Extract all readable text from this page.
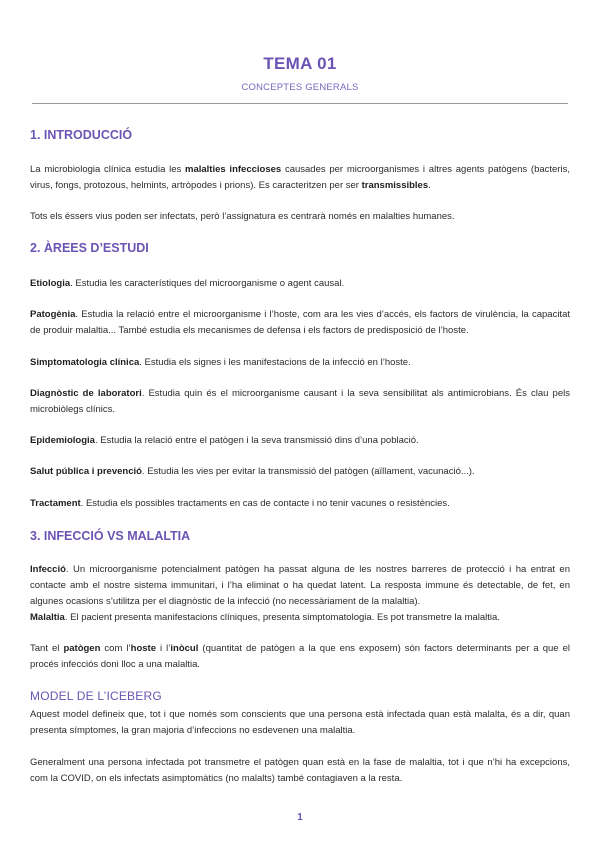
TEMA 01
CONCEPTES GENERALS
1. INTRODUCCIÓ
La microbiologia clínica estudia les malalties infeccioses causades per microorganismes i altres agents patògens (bacteris, virus, fongs, protozous, helmints, artròpodes i prions). Es caracteritzen per ser transmissibles.
Tots els éssers vius poden ser infectats, però l’assignatura es centrarà només en malalties humanes.
2. ÀREES D’ESTUDI
Etiologia. Estudia les característiques del microorganisme o agent causal.
Patogènia. Estudia la relació entre el microorganisme i l’hoste, com ara les vies d’accés, els factors de virulència, la capacitat de produir malaltia... També estudia els mecanismes de defensa i els factors de predisposició de l’hoste.
Simptomatologia clínica. Estudia els signes i les manifestacions de la infecció en l’hoste.
Diagnòstic de laboratori. Estudia quin és el microorganisme causant i la seva sensibilitat als antimicrobians. És clau pels microbiòlegs clínics.
Epidemiologia. Estudia la relació entre el patògen i la seva transmissió dins d’una població.
Salut pública i prevenció. Estudia les vies per evitar la transmissió del patògen (aïllament, vacunació...).
Tractament. Estudia els possibles tractaments en cas de contacte i no tenir vacunes o resistències.
3. INFECCIÓ VS MALALTIA
Infecció. Un microorganisme potencialment patògen ha passat alguna de les nostres barreres de protecció i ha entrat en contacte amb el nostre sistema immunitari, i l’ha eliminat o ha quedat latent. La resposta immune és detectable, de fet, en algunes ocasions s’utilitza per el diagnòstic de la infecció (no necessàriament de la malaltia).
Malaltia. El pacient presenta manifestacions clíniques, presenta simptomatologia. Es pot transmetre la malaltia.
Tant el patògen com l’hoste i l’inòcul (quantitat de patògen a la que ens exposem) són factors determinants per a que el procés infecciós doni lloc a una malaltia.
MODEL DE L’ICEBERG
Aquest model defineix que, tot i que només som conscients que una persona està infectada quan està malalta, és a dir, quan presenta símptomes, la gran majoria d’infeccions no esdevenen una malaltia.
Generalment una persona infectada pot transmetre el patògen quan està en la fase de malaltia, tot i que n’hi ha excepcions, com la COVID, on els infectats asimptomàtics (no malalts) també contagiaven a la resta.
1
